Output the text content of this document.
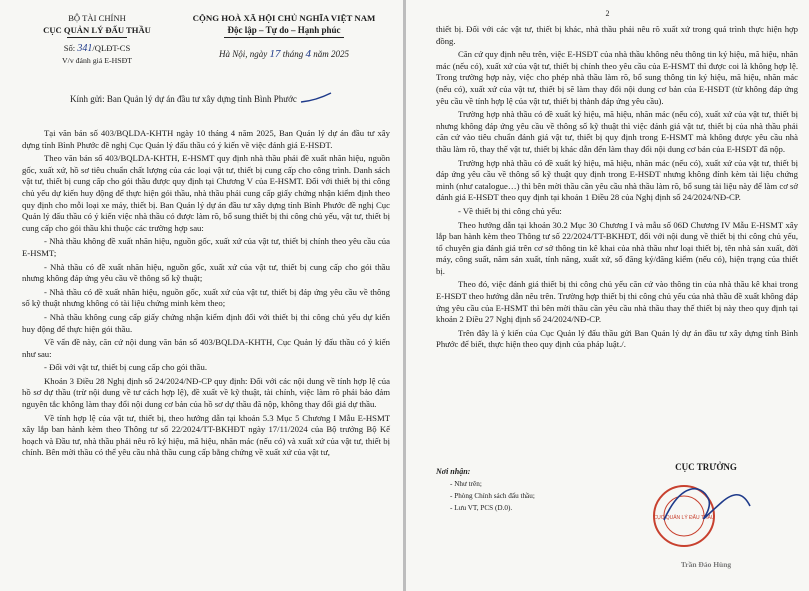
BỘ TÀI CHÍNH
CỤC QUẢN LÝ ĐẤU THẦU
Số: 341/QLĐT-CS
V/v đánh giá E-HSĐT
CỘNG HOÀ XÃ HỘI CHỦ NGHĨA VIỆT NAM
Độc lập – Tự do – Hạnh phúc
Hà Nội, ngày 17 tháng 4 năm 2025
Kính gửi: Ban Quản lý dự án đầu tư xây dựng tỉnh Bình Phước

Tại văn bản số 403/BQLDA-KHTH ngày 10 tháng 4 năm 2025, Ban Quản lý dự án đầu tư xây dựng tỉnh Bình Phước đề nghị Cục Quản lý đấu thầu có ý kiến về việc đánh giá E-HSĐT.

Theo văn bản số 403/BQLDA-KHTH, E-HSMT quy định nhà thầu phải đề xuất nhãn hiệu, nguồn gốc, xuất xứ, hồ sơ tiêu chuẩn chất lượng của các loại vật tư, thiết bị cung cấp cho công trình. Danh sách vật tư, thiết bị cung cấp cho gói thầu được quy định tại Chương V của E-HSMT. Đối với thiết bị thi công chủ yếu dự kiến huy động để thực hiện gói thầu, nhà thầu phải cung cấp giấy chứng nhận kiểm định theo quy định cho mỗi loại xe máy, thiết bị. Ban Quản lý dự án đầu tư xây dựng tỉnh Bình Phước đề nghị Cục Quản lý đấu thầu có ý kiến việc nhà thầu có được làm rõ, bổ sung thiết bị thi công chủ yếu, vật tư, thiết bị cung cấp cho gói thầu khi thuộc các trường hợp sau:

- Nhà thầu không đề xuất nhãn hiệu, nguồn gốc, xuất xứ của vật tư, thiết bị chính theo yêu cầu của E-HSMT;

- Nhà thầu có đề xuất nhãn hiệu, nguồn gốc, xuất xứ của vật tư, thiết bị cung cấp cho gói thầu nhưng không đáp ứng yêu cầu về thông số kỹ thuật;

- Nhà thầu có đề xuất nhãn hiệu, nguồn gốc, xuất xứ của vật tư, thiết bị đáp ứng yêu cầu về thông số kỹ thuật nhưng không có tài liệu chứng minh kèm theo;

- Nhà thầu không cung cấp giấy chứng nhận kiểm định đối với thiết bị thi công chủ yếu dự kiến huy động để thực hiện gói thầu.

Về vấn đề này, căn cứ nội dung văn bản số 403/BQLDA-KHTH, Cục Quản lý đấu thầu có ý kiến như sau:

- Đối với vật tư, thiết bị cung cấp cho gói thầu.

Khoản 3 Điều 28 Nghị định số 24/2024/NĐ-CP quy định: Đối với các nội dung về tính hợp lệ của hồ sơ dự thầu (trừ nội dung về tư cách hợp lệ), đề xuất về kỹ thuật, tài chính, việc làm rõ phải bảo đảm nguyên tắc không làm thay đổi nội dung cơ bản của hồ sơ dự thầu đã nộp, không thay đổi giá dự thầu.

Về tính hợp lệ của vật tư, thiết bị, theo hướng dẫn tại khoản 5.3 Mục 5 Chương I Mẫu E-HSMT xây lắp ban hành kèm theo Thông tư số 22/2024/TT-BKHĐT ngày 17/11/2024 của Bộ trưởng Bộ Kế hoạch và Đầu tư, nhà thầu phải nêu rõ ký hiệu, mã hiệu, nhãn mác (nếu có) và xuất xứ của vật tư, thiết bị chính. Bên mời thầu có thể yêu cầu nhà thầu cung cấp bằng chứng về xuất xứ của vật tư,

2

thiết bị. Đối với các vật tư, thiết bị khác, nhà thầu phải nêu rõ xuất xứ trong quá trình thực hiện hợp đồng.

Căn cứ quy định nêu trên, việc E-HSĐT của nhà thầu không nêu thông tin ký hiệu, mã hiệu, nhãn mác (nếu có), xuất xứ của vật tư, thiết bị chính theo yêu cầu của E-HSMT thì được coi là không hợp lệ. Trong trường hợp này, việc cho phép nhà thầu làm rõ, bổ sung thông tin ký hiệu, mã hiệu, nhãn mác (nếu có), xuất xứ của vật tư, thiết bị sẽ làm thay đổi nội dung cơ bản của E-HSĐT (từ không đáp ứng yêu cầu về tính hợp lệ của vật tư, thiết bị thành đáp ứng yêu cầu).

Trường hợp nhà thầu có đề xuất ký hiệu, mã hiệu, nhãn mác (nếu có), xuất xứ của vật tư, thiết bị nhưng không đáp ứng yêu cầu về thông số kỹ thuật thì việc đánh giá vật tư, thiết bị của nhà thầu phải căn cứ vào tiêu chuẩn đánh giá vật tư, thiết bị quy định trong E-HSMT mà không được yêu cầu nhà thầu làm rõ, thay thế vật tư, thiết bị khác dẫn đến làm thay đổi nội dung cơ bản của E-HSĐT đã nộp.

Trường hợp nhà thầu có đề xuất ký hiệu, mã hiệu, nhãn mác (nếu có), xuất xứ của vật tư, thiết bị đáp ứng yêu cầu về thông số kỹ thuật quy định trong E-HSĐT nhưng không đính kèm tài liệu chứng minh (như catalogue…) thì bên mời thầu cần yêu cầu nhà thầu làm rõ, bổ sung tài liệu này để làm cơ sở đánh giá E-HSĐT theo quy định tại khoản 1 Điều 28 của Nghị định số 24/2024/NĐ-CP.

- Về thiết bị thi công chủ yếu:

Theo hướng dẫn tại khoản 30.2 Mục 30 Chương I và mẫu số 06D Chương IV Mẫu E-HSMT xây lắp ban hành kèm theo Thông tư số 22/2024/TT-BKHĐT, đối với nội dung về thiết bị thi công chủ yếu, tổ chuyên gia đánh giá trên cơ sở thông tin kê khai của nhà thầu như loại thiết bị, tên nhà sản xuất, đời máy, công suất, năm sản xuất, tính năng, xuất xứ, số đăng ký/đăng kiểm (nếu có), hiện trạng của thiết bị.

Theo đó, việc đánh giá thiết bị thi công chủ yếu căn cứ vào thông tin của nhà thầu kê khai trong E-HSĐT theo hướng dẫn nêu trên. Trường hợp thiết bị thi công chủ yếu của nhà thầu đề xuất không đáp ứng yêu cầu của E-HSMT thì bên mời thầu cần yêu cầu nhà thầu thay thế thiết bị này theo quy định tại khoản 2 Điều 27 Nghị định số 24/2024/NĐ-CP.

Trên đây là ý kiến của Cục Quản lý đấu thầu gửi Ban Quản lý dự án đầu tư xây dựng tỉnh Bình Phước để biết, thực hiện theo quy định của pháp luật./.

Nơi nhận:
- Như trên;
- Phòng Chính sách đấu thầu;
- Lưu VT, PCS (D.0).
CỤC TRƯỞNG
CỤC QUẢN LÝ ĐẤU THẦU
Trần Đảo Hùng
